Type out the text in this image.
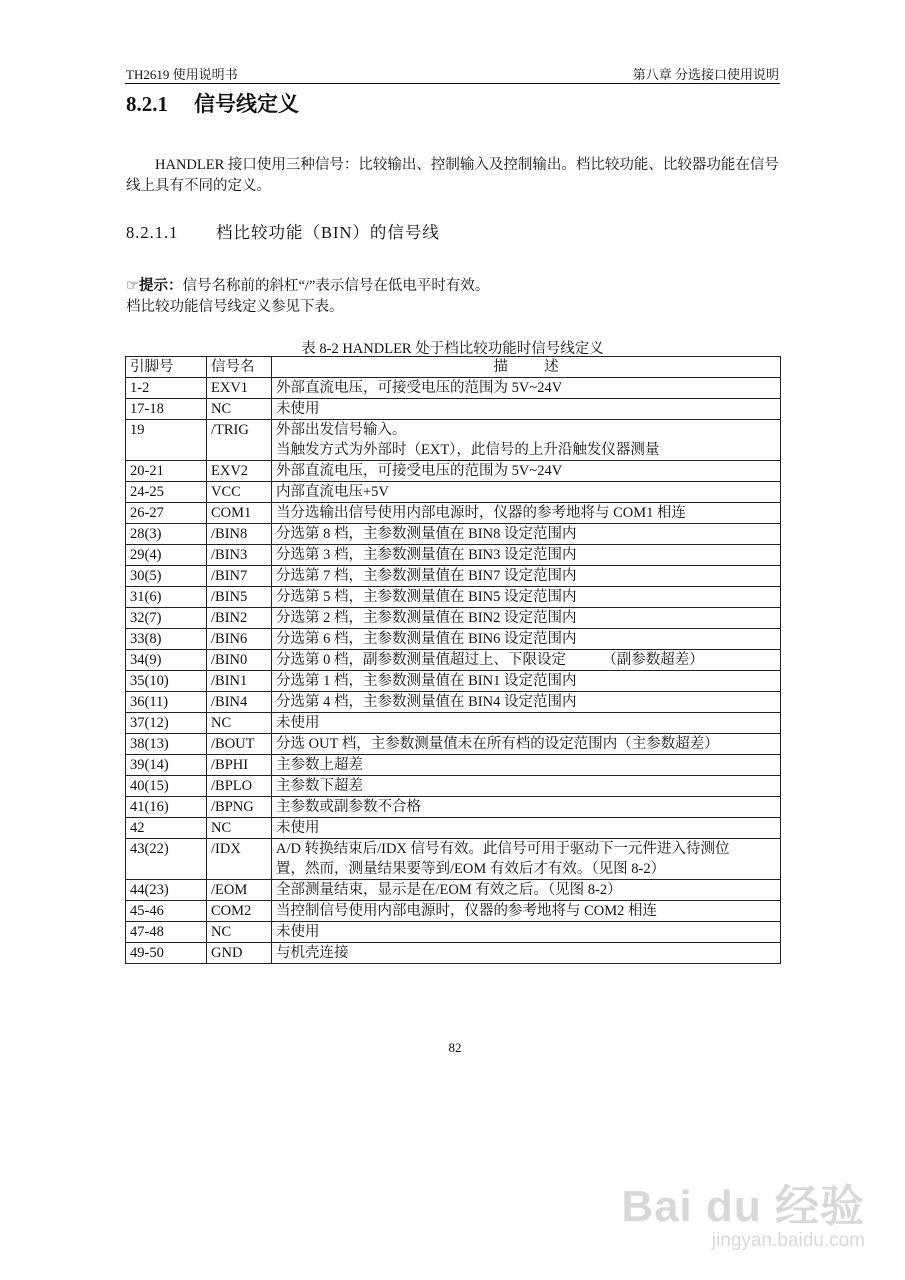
TH2619 使用说明书	第八章 分选接口使用说明
8.2.1 信号线定义
HANDLER 接口使用三种信号：比较输出、控制输入及控制输出。档比较功能、比较器功能在信号线上具有不同的定义。
8.2.1.1 档比较功能（BIN）的信号线
☞提示：信号名称前的斜杠“/”表示信号在低电平时有效。
档比较功能信号线定义参见下表。
表 8-2 HANDLER 处于档比较功能时信号线定义
引脚号	信号名	描          述
1-2	EXV1	外部直流电压，可接受电压的范围为 5V~24V

17-18	NC	未使用

19	/TRIG	外部出发信号输入。
当触发方式为外部时（EXT），此信号的上升沿触发仪器测量

20-21	EXV2	外部直流电压，可接受电压的范围为 5V~24V

24-25	VCC	内部直流电压+5V

26-27	COM1	当分选输出信号使用内部电源时，仪器的参考地将与 COM1 相连

28(3)	/BIN8	分选第 8 档，主参数测量值在 BIN8 设定范围内

29(4)	/BIN3	分选第 3 档，主参数测量值在 BIN3 设定范围内

30(5)	/BIN7	分选第 7 档，主参数测量值在 BIN7 设定范围内

31(6)	/BIN5	分选第 5 档，主参数测量值在 BIN5 设定范围内

32(7)	/BIN2	分选第 2 档，主参数测量值在 BIN2 设定范围内

33(8)	/BIN6	分选第 6 档，主参数测量值在 BIN6 设定范围内

34(9)	/BIN0	分选第 0 档，副参数测量值超过上、下限设定          （副参数超差）

35(10)	/BIN1	分选第 1 档，主参数测量值在 BIN1 设定范围内

36(11)	/BIN4	分选第 4 档，主参数测量值在 BIN4 设定范围内

37(12)	NC	未使用

38(13)	/BOUT	分选 OUT 档，主参数测量值未在所有档的设定范围内（主参数超差）

39(14)	/BPHI	主参数上超差

40(15)	/BPLO	主参数下超差

41(16)	/BPNG	主参数或副参数不合格

42	NC	未使用

43(22)	/IDX	A/D 转换结束后/IDX 信号有效。此信号可用于驱动下一元件进入待测位
置，然而，测量结果要等到/EOM 有效后才有效。（见图 8-2）

44(23)	/EOM	全部测量结束，显示是在/EOM 有效之后。（见图 8-2）

45-46	COM2	当控制信号使用内部电源时，仪器的参考地将与 COM2 相连

47-48	NC	未使用

49-50	GND	与机壳连接
82
Bai du 经验
jingyan.baidu.com
